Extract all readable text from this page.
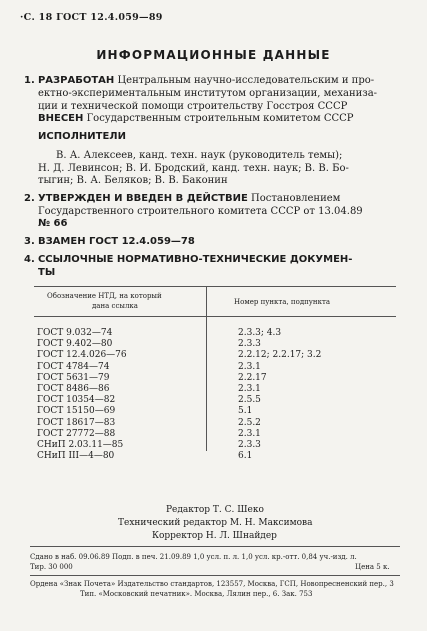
·С. 18 ГОСТ 12.4.059—89
ИНФОРМАЦИОННЫЕ ДАННЫЕ
1. РАЗРАБОТАН Центральным научно-исследовательским и про-
ектно-экспериментальным институтом организации, механиза-
ции и технической помощи строительству Госстроя СССР
ВНЕСЕН Государственным строительным комитетом СССР
ИСПОЛНИТЕЛИ
В. А. Алексеев, канд. техн. наук (руководитель темы);
Н. Д. Левинсон; В. И. Бродский, канд. техн. наук; В. В. Бо-
тыгин; В. А. Беляков; В. В. Баконин
2. УТВЕРЖДЕН И ВВЕДЕН В ДЕЙСТВИЕ Постановлением
Государственного строительного комитета СССР от 13.04.89
№ 66
3. ВЗАМЕН ГОСТ 12.4.059—78
4. ССЫЛОЧНЫЕ НОРМАТИВНО-ТЕХНИЧЕСКИЕ ДОКУМЕН-
ТЫ
Обозначение НТД, на который
дана ссылка	Номер пункта, подпункта
ГОСТ 9.032—74	2.3.3; 4.3
ГОСТ 9.402—80	2.3.3
ГОСТ 12.4.026—76	2.2.12; 2.2.17; 3.2
ГОСТ 4784—74	2.3.1
ГОСТ 5631—79	2.2.17
ГОСТ 8486—86	2.3.1
ГОСТ 10354—82	2.5.5
ГОСТ 15150—69	5.1
ГОСТ 18617—83	2.5.2
ГОСТ 27772—88	2.3.1
СНиП 2.03.11—85	2.3.3
СНиП III—4—80	6.1
Редактор Т. С. Шеко
Технический редактор М. Н. Максимова
Корректор Н. Л. Шнайдер
Сдано в наб. 09.06.89 Подп. в печ. 21.09.89 1,0 усл. п. л. 1,0 усл. кр.-отт. 0,84 уч.-изд. л.
Тир. 30 000	Цена 5 к.
Ордена «Знак Почета» Издательство стандартов, 123557, Москва, ГСП, Новопресненский пер., 3
Тип. «Московский печатник». Москва, Лялин пер., 6. Зак. 753
